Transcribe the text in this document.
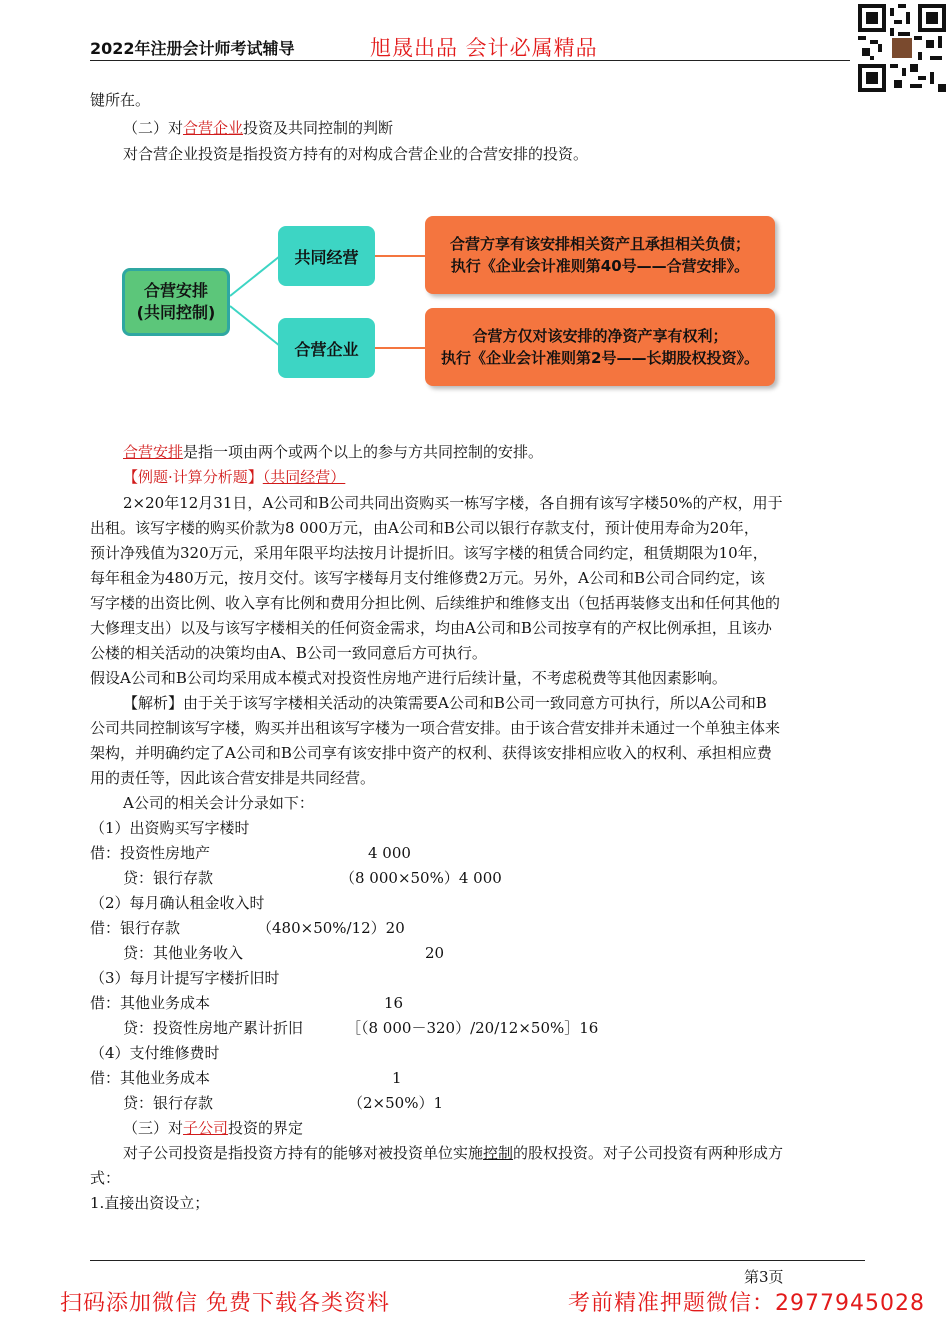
2022年注册会计师考试辅导	旭晟出品 会计必属精品
键所在。
（二）对合营企业投资及共同控制的判断
对合营企业投资是指投资方持有的对构成合营企业的合营安排的投资。
合营安排
(共同控制)
共同经营
合营企业
合营方享有该安排相关资产且承担相关负债；
执行《企业会计准则第40号——合营安排》。
合营方仅对该安排的净资产享有权利；
执行《企业会计准则第2号——长期股权投资》。
合营安排是指一项由两个或两个以上的参与方共同控制的安排。
【例题·计算分析题】（共同经营）
2×20年12月31日，A公司和B公司共同出资购买一栋写字楼，各自拥有该写字楼50%的产权，用于
出租。该写字楼的购买价款为8 000万元，由A公司和B公司以银行存款支付，预计使用寿命为20年，
预计净残值为320万元，采用年限平均法按月计提折旧。该写字楼的租赁合同约定，租赁期限为10年，
每年租金为480万元，按月交付。该写字楼每月支付维修费2万元。另外，A公司和B公司合同约定，该
写字楼的出资比例、收入享有比例和费用分担比例、后续维护和维修支出（包括再装修支出和任何其他的
大修理支出）以及与该写字楼相关的任何资金需求，均由A公司和B公司按享有的产权比例承担，且该办
公楼的相关活动的决策均由A、B公司一致同意后方可执行。
假设A公司和B公司均采用成本模式对投资性房地产进行后续计量，不考虑税费等其他因素影响。
【解析】由于关于该写字楼相关活动的决策需要A公司和B公司一致同意方可执行，所以A公司和B
公司共同控制该写字楼，购买并出租该写字楼为一项合营安排。由于该合营安排并未通过一个单独主体来
架构，并明确约定了A公司和B公司享有该安排中资产的权利、获得该安排相应收入的权利、承担相应费
用的责任等，因此该合营安排是共同经营。
A公司的相关会计分录如下：
（1）出资购买写字楼时
借：投资性房地产	4 000
贷：银行存款	（8 000×50%）4 000
（2）每月确认租金收入时
借：银行存款	（480×50%/12）20
贷：其他业务收入	20
（3）每月计提写字楼折旧时
借：其他业务成本	16
贷：投资性房地产累计折旧	［（8 000－320）/20/12×50%］16
（4）支付维修费时
借：其他业务成本	1
贷：银行存款	（2×50%）1
（三）对子公司投资的界定
对子公司投资是指投资方持有的能够对被投资单位实施控制的股权投资。对子公司投资有两种形成方
式：
1.直接出资设立；
第3页
扫码添加微信 免费下载各类资料	考前精准押题微信：2977945028
